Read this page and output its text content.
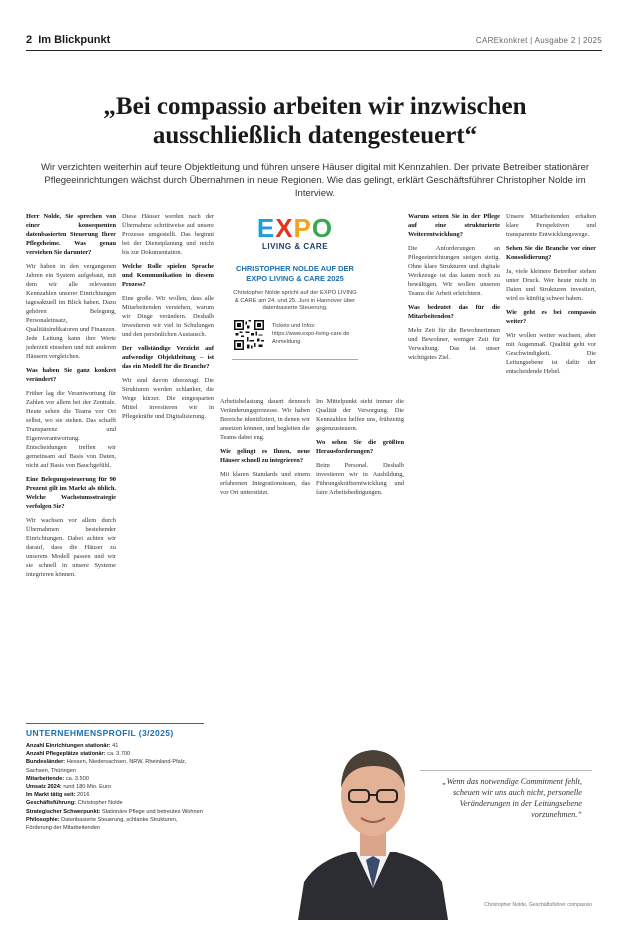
2 Im Blickpunkt	CAREkonkret | Ausgabe 2 | 2025
„Bei compassio arbeiten wir inzwischen ausschließlich datengesteuert“

Wir verzichten weiterhin auf teure Objektleitung und führen unsere Häuser digital mit Kennzahlen. Der private Betreiber stationärer Pflegeeinrichtungen wächst durch Übernahmen in neue Regionen. Wie das gelingt, erklärt Geschäftsführer Christopher Nolde im Interview.

Herr Nolde, Sie sprechen von einer konsequenten datenbasierten Steuerung Ihrer Pflegeheime. Was genau verstehen Sie darunter?

Wir haben in den vergangenen Jahren ein System aufgebaut, mit dem wir alle relevanten Kennzahlen unserer Einrichtungen tagesaktuell im Blick haben. Dazu gehören Belegung, Personaleinsatz, Qualitätsindikatoren und Finanzen. Jede Leitung kann ihre Werte jederzeit einsehen und mit anderen Häusern vergleichen.

Was haben Sie ganz konkret verändert?

Früher lag die Verantwortung für Zahlen vor allem bei der Zentrale. Heute sehen die Teams vor Ort selbst, wo sie stehen. Das schafft Transparenz und Eigenverantwortung. Entscheidungen treffen wir gemeinsam auf Basis von Daten, nicht auf Basis von Bauchgefühl.

Eine Belegungssteuerung für 90 Prozent gilt im Markt als üblich. Welche Wachstumsstrategie verfolgen Sie?

Wir wachsen vor allem durch Übernahmen bestehender Einrichtungen. Dabei achten wir darauf, dass die Häuser zu unserem Modell passen und wir sie schnell in unsere Systeme integrieren können.

Diese Häuser werden nach der Übernahme schrittweise auf unsere Prozesse umgestellt. Das beginnt bei der Dienstplanung und reicht bis zur Dokumentation.

Welche Rolle spielen Sprache und Kommunikation in diesem Prozess?

Eine große. Wir wollen, dass alle Mitarbeitenden verstehen, warum wir Dinge verändern. Deshalb investieren wir viel in Schulungen und den persönlichen Austausch.

Der vollständige Verzicht auf aufwendige Objektleitung – ist das ein Modell für die Branche?

Wir sind davon überzeugt. Die Strukturen werden schlanker, die Wege kürzer. Die eingesparten Mittel investieren wir in Pflegekräfte und Digitalisierung.

Warum setzen Sie in der Pflege auf eine strukturierte Weiterentwicklung?

Die Anforderungen an Pflegeeinrichtungen steigen stetig. Ohne klare Strukturen und digitale Werkzeuge ist das kaum noch zu bewältigen. Wir wollen unseren Teams die Arbeit erleichtern.

Was bedeutet das für die Mitarbeitenden?

Mehr Zeit für die Bewohnerinnen und Bewohner, weniger Zeit für Verwaltung. Das ist unser wichtigstes Ziel.

Unsere Mitarbeitenden erhalten klare Perspektiven und transparente Entwicklungswege.

Sehen Sie die Branche vor einer Konsolidierung?

Ja, viele kleinere Betreiber stehen unter Druck. Wer heute nicht in Daten und Strukturen investiert, wird es künftig schwer haben.

Wie geht es bei compassio weiter?

Wir wollen weiter wachsen, aber mit Augenmaß. Qualität geht vor Geschwindigkeit. Die Leitungsebene ist dafür der entscheidende Hebel.

Arbeitsbelastung dauert dennoch Veränderungsprozesse. Wir haben Bereiche identifiziert, in denen wir ansetzen können, und begleiten die Teams dabei eng.

Wie gelingt es Ihnen, neue Häuser schnell zu integrieren?

Mit klaren Standards und einem erfahrenen Integrationsteam, das vor Ort unterstützt.

Im Mittelpunkt steht immer die Qualität der Versorgung. Die Kennzahlen helfen uns, frühzeitig gegenzusteuern.

Wo sehen Sie die größten Herausforderungen?

Beim Personal. Deshalb investieren wir in Ausbildung, Führungskräfteentwicklung und faire Arbeitsbedingungen.

EXPO
LIVING & CARE
CHRISTOPHER NOLDE AUF DER EXPO LIVING & CARE 2025
Christopher Nolde spricht auf der EXPO LIVING & CARE am 24. und 25. Juni in Hannover über datenbasierte Steuerung.
Tickets und Infos: https://www.expo-living-care.de Anmeldung
UNTERNEHMENSPROFIL (3/2025)
Anzahl Einrichtungen stationär: 41
Anzahl Pflegeplätze stationär: ca. 3.700
Bundesländer: Hessen, Niedersachsen, NRW, Rheinland-Pfalz, Sachsen, Thüringen
Mitarbeitende: ca. 3.500
Umsatz 2024: rund 180 Mio. Euro
Im Markt tätig seit: 2016
Geschäftsführung: Christopher Nolde
Strategischer Schwerpunkt: Stationäre Pflege und betreutes Wohnen
Philosophie: Datenbasierte Steuerung, schlanke Strukturen, Förderung der Mitarbeitenden
„Wenn das notwendige Commitment fehlt, scheuen wir uns auch nicht, personelle Veränderungen in der Leitungsebene vorzunehmen.“
Christopher Nolde, Geschäftsführer compassio
